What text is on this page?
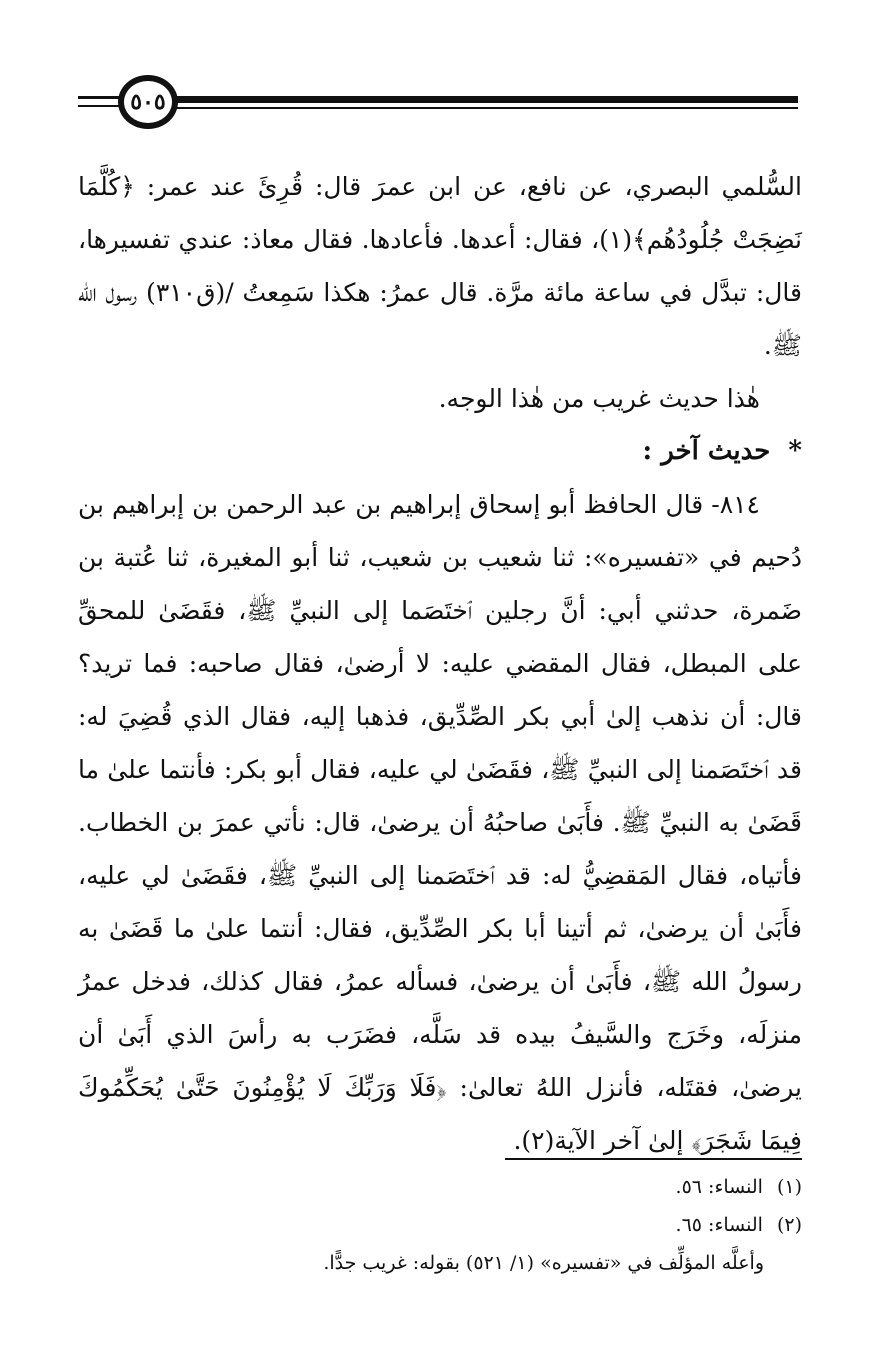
٥٠٥

السُّلمي البصري، عن نافع، عن ابن عمرَ قال: قُرِئَ عند عمر: ﴿كُلَّمَا نَضِجَتْ جُلُودُهُم﴾(١)، فقال: أعدها. فأعادها. فقال معاذ: عندي تفسيرها، قال: تبدَّل في ساعة مائة مرَّة. قال عمرُ: هكذا سَمِعتُ /(ق٣١٠) رسول الله ﷺ.

هٰذا حديث غريب من هٰذا الوجه.

*حديث آخر :

٨١٤- قال الحافظ أبو إسحاق إبراهيم بن عبد الرحمن بن إبراهيم بن دُحيم في «تفسيره»: ثنا شعيب بن شعيب، ثنا أبو المغيرة، ثنا عُتبة بن ضَمرة، حدثني أبي: أنَّ رجلين ٱختَصَما إلى النبيِّ ﷺ، فقَضَىٰ للمحقِّ على المبطل، فقال المقضي عليه: لا أرضىٰ، فقال صاحبه: فما تريد؟ قال: أن نذهب إلىٰ أبي بكر الصِّدِّيق، فذهبا إليه، فقال الذي قُضِيَ له: قد ٱختَصَمنا إلى النبيِّ ﷺ، فقَضَىٰ لي عليه، فقال أبو بكر: فأنتما علىٰ ما قَضَىٰ به النبيِّ ﷺ. فأَبَىٰ صاحبُهُ أن يرضىٰ، قال: نأتي عمرَ بن الخطاب. فأتياه، فقال المَقضِيُّ له: قد ٱختَصَمنا إلى النبيِّ ﷺ، فقَضَىٰ لي عليه، فأَبَىٰ أن يرضىٰ، ثم أتينا أبا بكر الصِّدِّيق، فقال: أنتما علىٰ ما قَضَىٰ به رسولُ الله ﷺ، فأَبَىٰ أن يرضىٰ، فسأله عمرُ، فقال كذلك، فدخل عمرُ منزلَه، وخَرَج والسَّيفُ بيده قد سَلَّه، فضَرَب به رأسَ الذي أَبَىٰ أن يرضىٰ، فقتَله، فأنزل اللهُ تعالىٰ: ﴿فَلَا وَرَبِّكَ لَا يُؤْمِنُونَ حَتَّىٰ يُحَكِّمُوكَ فِيمَا شَجَرَ﴾ إلىٰ آخر الآية(٢).

(١)النساء: ٥٦.

(٢)النساء: ٦٥.

وأعلَّه المؤلِّف في «تفسيره» (١/ ٥٢١) بقوله: غريب جدًّا.
